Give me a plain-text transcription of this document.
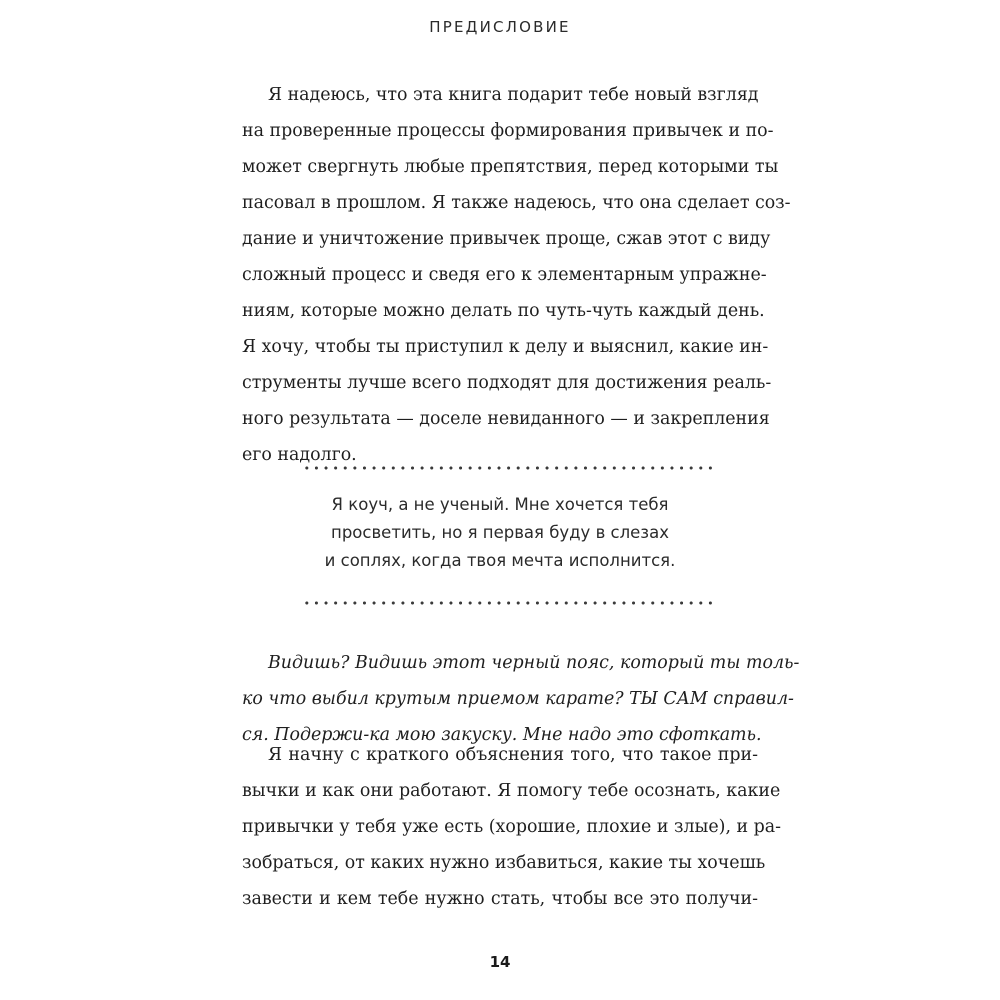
ПРЕДИСЛОВИЕ
Я надеюсь, что эта книга подарит тебе новый взгляд
на проверенные процессы формирования привычек и по-
может свергнуть любые препятствия, перед которыми ты
пасовал в прошлом. Я также надеюсь, что она сделает соз-
дание и уничтожение привычек проще, сжав этот с виду
сложный процесс и сведя его к элементарным упражне-
ниям, которые можно делать по чуть-чуть каждый день.
Я хочу, чтобы ты приступил к делу и выяснил, какие ин-
струменты лучше всего подходят для достижения реаль-
ного результата — доселе невиданного — и закрепления
его надолго.
Я коуч, а не ученый. Мне хочется тебя
просветить, но я первая буду в слезах
и соплях, когда твоя мечта исполнится.
Видишь? Видишь этот черный пояс, который ты толь-
ко что выбил крутым приемом карате? ТЫ САМ справил-
ся. Подержи-ка мою закуску. Мне надо это сфоткать.
Я начну с краткого объяснения того, что такое при-
вычки и как они работают. Я помогу тебе осознать, какие
привычки у тебя уже есть (хорошие, плохие и злые), и ра-
зобраться, от каких нужно избавиться, какие ты хочешь
завести и кем тебе нужно стать, чтобы все это получи-
14
